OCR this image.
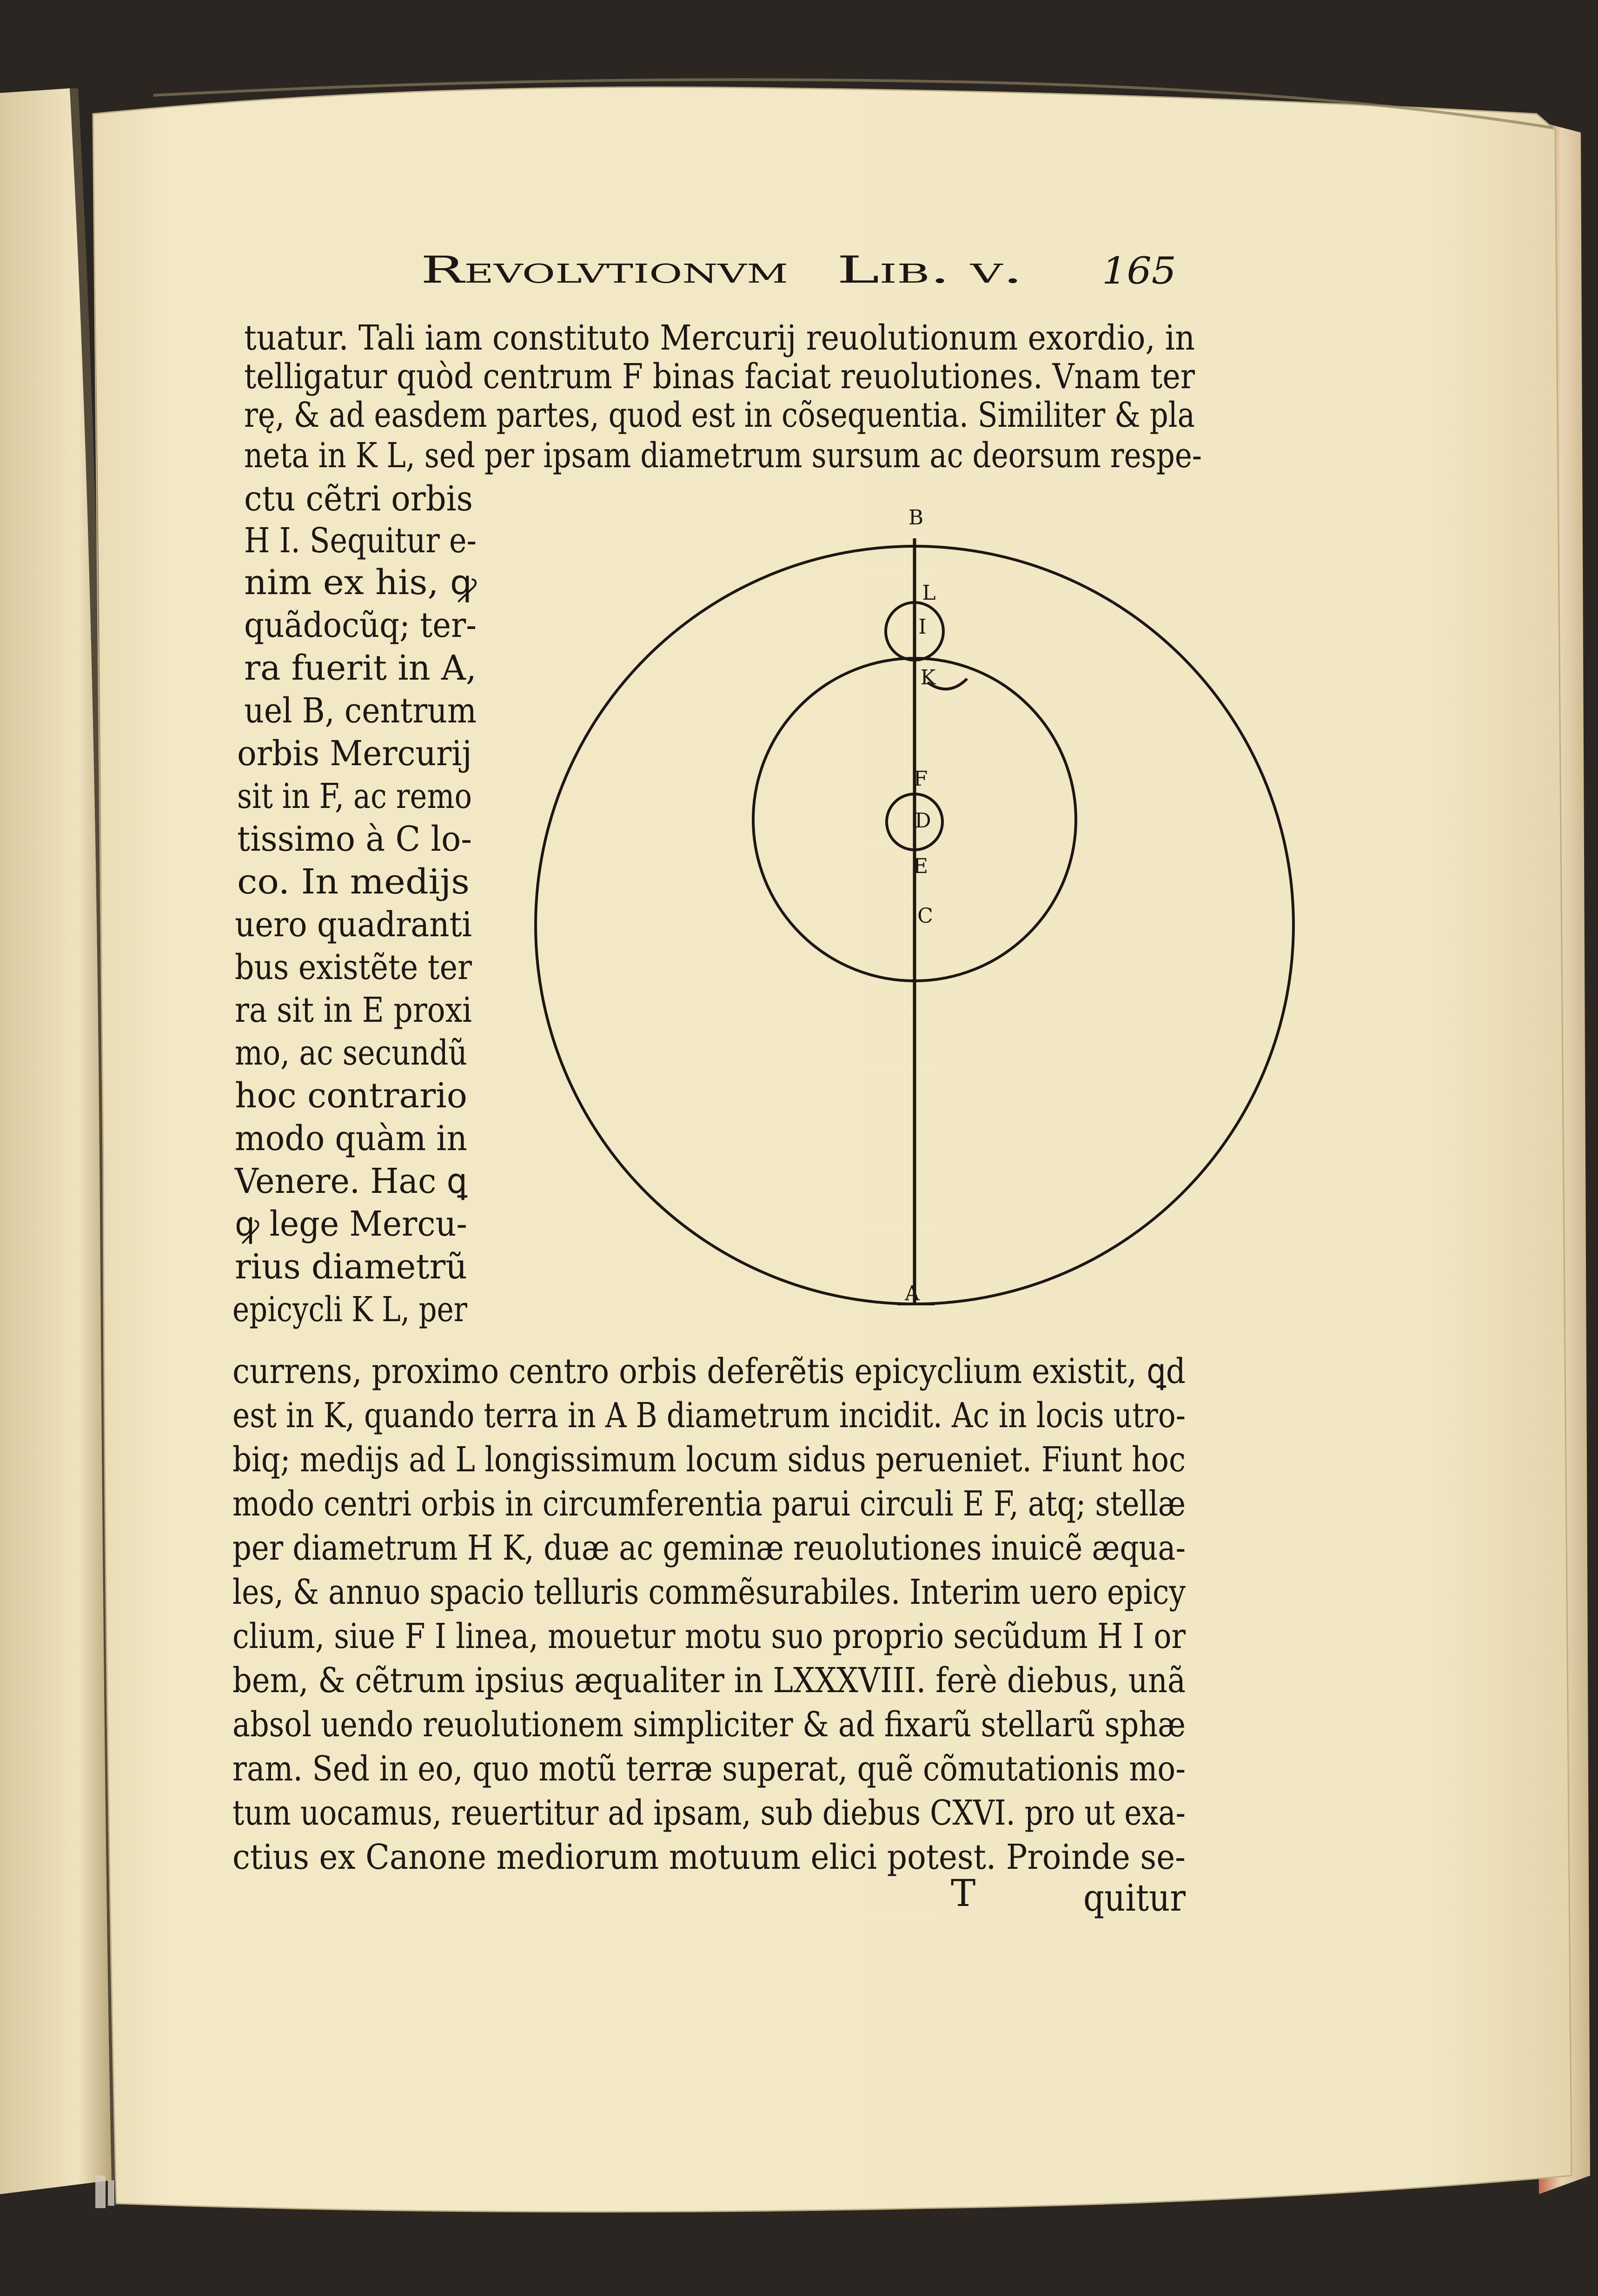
B
L
I
K
F
D
E
C
A
Revolvtionvm Lib. v. 165
tuatur. Tali iam constituto Mercurij reuolutionum exordio, in
telligatur quòd centrum F binas faciat reuolutiones. Vnam ter
rę, & ad easdem partes, quod est in cõsequentia. Similiter & pla
neta in K L, sed per ipsam diametrum sursum ac deorsum respe-
ctu cẽtri orbis
H I. Sequitur e-
nim ex his, ꝙ
quãdocũq; ter-
ra fuerit in A,
uel B, centrum
orbis Mercurij
sit in F, ac remo
tissimo à C lo-
co. In medijs
uero quadranti
bus existẽte ter
ra sit in E proxi
mo, ac secundũ
hoc contrario
modo quàm in
Venere. Hac ꝗ
ꝙ lege Mercu-
rius diametrũ
epicycli K L, per
currens, proximo centro orbis deferẽtis epicyclium existit, ꝗd
est in K, quando terra in A B diametrum incidit. Ac in locis utro-
biq; medijs ad L longissimum locum sidus perueniet. Fiunt hoc
modo centri orbis in circumferentia parui circuli E F, atq; stellæ
per diametrum H K, duæ ac geminæ reuolutiones inuicẽ æqua-
les, & annuo spacio telluris commẽsurabiles. Interim uero epicy
clium, siue F I linea, mouetur motu suo proprio secũdum H I or
bem, & cẽtrum ipsius æqualiter in LXXXVIII. ferè diebus, unã
absol uendo reuolutionem simpliciter & ad fixarũ stellarũ sphæ
ram. Sed in eo, quo motũ terræ superat, quẽ cõmutationis mo-
tum uocamus, reuertitur ad ipsam, sub diebus CXVI. pro ut exa-
ctius ex Canone mediorum motuum elici potest. Proinde se-
T	quitur
